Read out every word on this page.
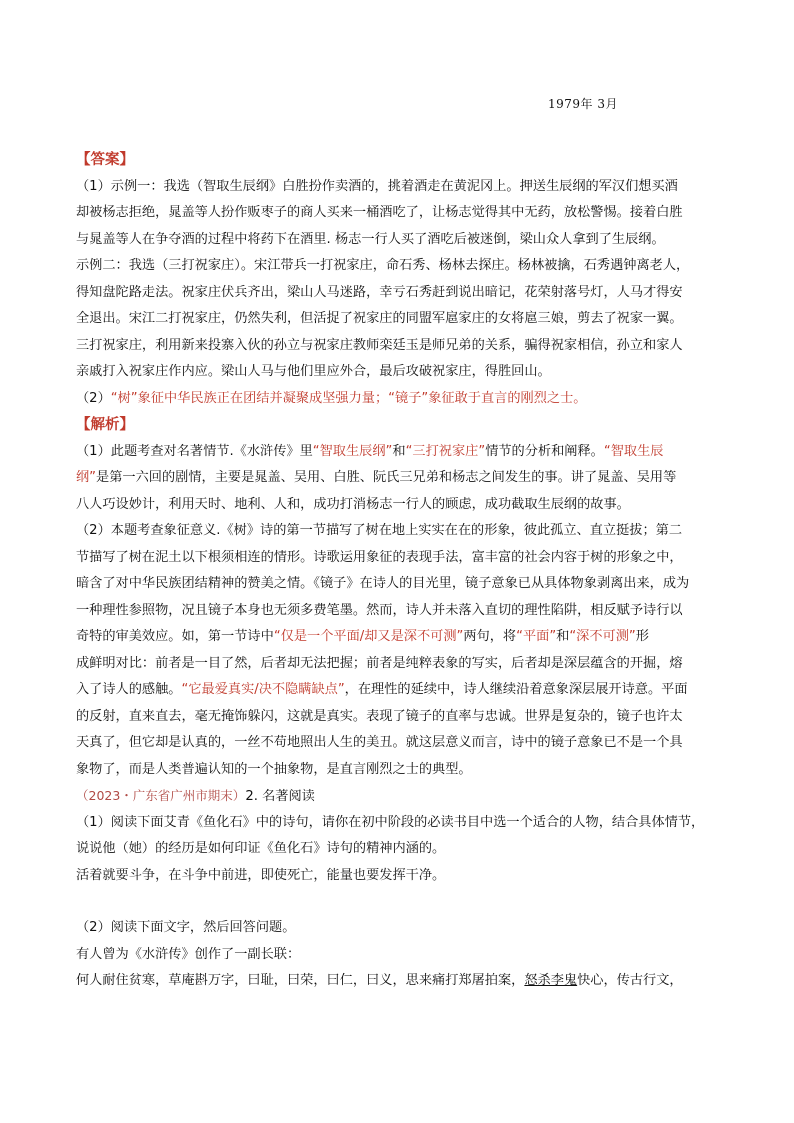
1979年 3月
【答案】
（1）示例一：我选（智取生辰纲》白胜扮作卖酒的，挑着酒走在黄泥冈上。押送生辰纲的军汉们想买酒
却被杨志拒绝，晁盖等人扮作贩枣子的商人买来一桶酒吃了，让杨志觉得其中无药，放松警惕。接着白胜
与晁盖等人在争夺酒的过程中将药下在酒里. 杨志一行人买了酒吃后被迷倒，梁山众人拿到了生辰纲。
示例二：我选（三打祝家庄）。宋江带兵一打祝家庄，命石秀、杨林去探庄。杨林被擒，石秀遇钟离老人，
得知盘陀路走法。祝家庄伏兵齐出，梁山人马迷路，幸亏石秀赶到说出暗记，花荣射落号灯，人马才得安
全退出。宋江二打祝家庄，仍然失利，但活捉了祝家庄的同盟军扈家庄的女将扈三娘，剪去了祝家一翼。
三打祝家庄，利用新来投寨入伙的孙立与祝家庄教师栾廷玉是师兄弟的关系，骗得祝家相信，孙立和家人
亲戚打入祝家庄作内应。梁山人马与他们里应外合，最后攻破祝家庄，得胜回山。
（2）“树”象征中华民族正在团结并凝聚成坚强力量；“镜子”象征敢于直言的刚烈之士。
【解析】
（1）此题考查对名著情节.《水浒传》里“智取生辰纲”和“三打祝家庄”情节的分析和阐释。“智取生辰
纲”是第一六回的剧情，主要是晁盖、吴用、白胜、阮氏三兄弟和杨志之间发生的事。讲了晁盖、吴用等
八人巧设妙计，利用天时、地利、人和，成功打消杨志一行人的顾虑，成功截取生辰纲的故事。
（2）本题考查象征意义.《树》诗的第一节描写了树在地上实实在在的形象，彼此孤立、直立挺拔；第二
节描写了树在泥土以下根须相连的情形。诗歌运用象征的表现手法，富丰富的社会内容于树的形象之中，
暗含了对中华民族团结精神的赞美之情。《镜子》在诗人的目光里，镜子意象已从具体物象剥离出来，成为
一种理性参照物，况且镜子本身也无须多费笔墨。然而，诗人并未落入直切的理性陷阱，相反赋予诗行以
奇特的审美效应。如，第一节诗中“仅是一个平面/却又是深不可测”两句，将“平面”和“深不可测”形
成鲜明对比：前者是一目了然，后者却无法把握；前者是纯粹表象的写实，后者却是深层蕴含的开掘，熔
入了诗人的感触。“它最爱真实/决不隐瞒缺点”，在理性的延续中，诗人继续沿着意象深层展开诗意。平面
的反射，直来直去，毫无掩饰躲闪，这就是真实。表现了镜子的直率与忠诚。世界是复杂的，镜子也许太
天真了，但它却是认真的，一丝不苟地照出人生的美丑。就这层意义而言，诗中的镜子意象已不是一个具
象物了，而是人类普遍认知的一个抽象物，是直言刚烈之士的典型。
（2023・广东省广州市期末）2. 名著阅读
（1）阅读下面艾青《鱼化石》中的诗句，请你在初中阶段的必读书目中选一个适合的人物，结合具体情节，
说说他（她）的经历是如何印证《鱼化石》诗句的精神内涵的。
活着就要斗争，在斗争中前进，即使死亡，能量也要发挥干净。
（2）阅读下面文字，然后回答问题。
有人曾为《水浒传》创作了一副长联：
何人耐住贫寒，草庵斟万字，曰耻，曰荣，曰仁，曰义，思来痛打郑屠拍案，怒杀李鬼快心，传古行文，
